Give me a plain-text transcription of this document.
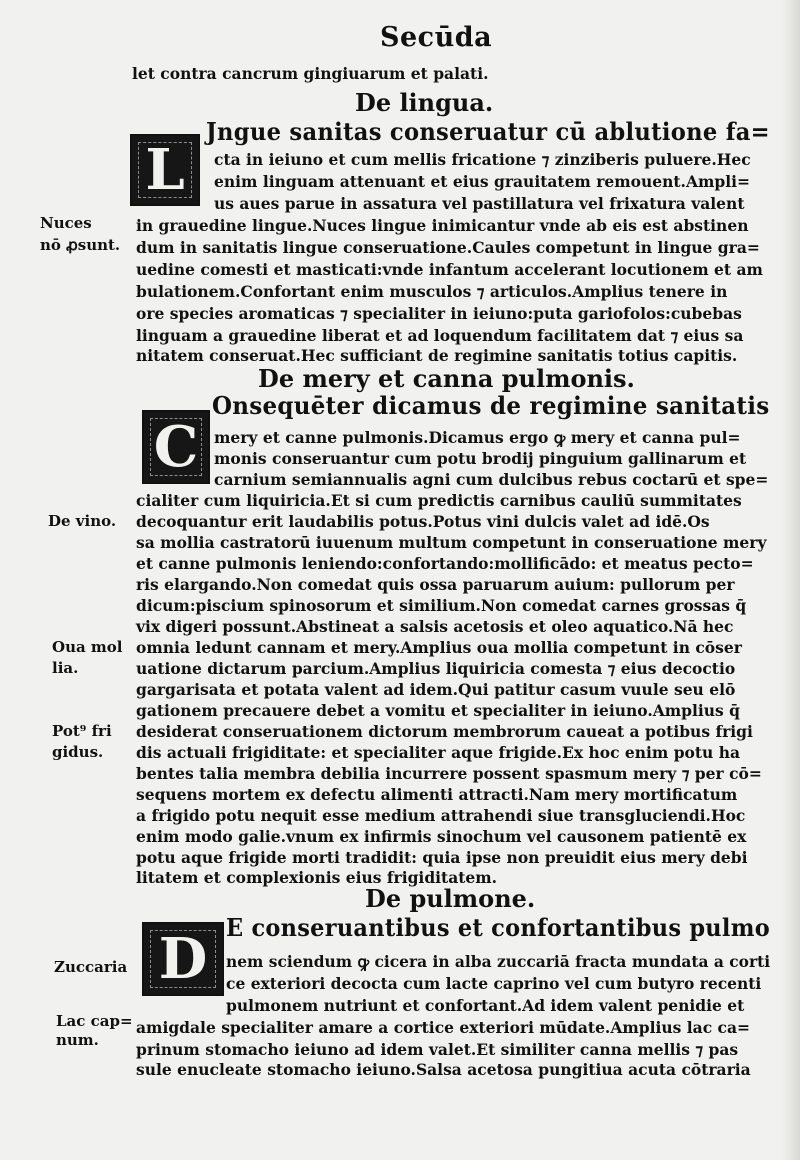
Secūda
let contra cancrum gingiuarum et palati.
De lingua.
L
Jngue sanitas conseruatur cū ablutione fa=
cta in ieiuno et cum mellis fricatione ⁊ zinziberis puluere.Hec
enim linguam attenuant et eius grauitatem remouent.Ampli=
us aues parue in assatura vel pastillatura vel frixatura valent
in grauedine lingue.Nuces lingue inimicantur vnde ab eis est abstinen
dum in sanitatis lingue conseruatione.Caules competunt in lingue gra=
uedine comesti et masticati:vnde infantum accelerant locutionem et am
bulationem.Confortant enim musculos ⁊ articulos.Amplius tenere in
ore species aromaticas ⁊ specialiter in ieiuno:puta gariofolos:cubebas
linguam a grauedine liberat et ad loquendum facilitatem dat ⁊ eius sa
nitatem conseruat.Hec sufficiant de regimine sanitatis totius capitis.
Nuces
nō ꝓsunt.
De mery et canna pulmonis.
C
Onsequēter dicamus de regimine sanitatis
mery et canne pulmonis.Dicamus ergo ꝙ mery et canna pul=
monis conseruantur cum potu brodij pinguium gallinarum et
carnium semiannualis agni cum dulcibus rebus coctarū et spe=
cialiter cum liquiricia.Et si cum predictis carnibus cauliū summitates
decoquantur erit laudabilis potus.Potus vini dulcis valet ad idē.Os
sa mollia castratorū iuuenum multum competunt in conseruatione mery
et canne pulmonis leniendo:confortando:mollificādo: et meatus pecto=
ris elargando.Non comedat quis ossa paruarum auium: pullorum per
dicum:piscium spinosorum et similium.Non comedat carnes grossas q̄
vix digeri possunt.Abstineat a salsis acetosis et oleo aquatico.Nā hec
omnia ledunt cannam et mery.Amplius oua mollia competunt in cōser
uatione dictarum parcium.Amplius liquiricia comesta ⁊ eius decoctio
gargarisata et potata valent ad idem.Qui patitur casum vuule seu elō
gationem precauere debet a vomitu et specialiter in ieiuno.Amplius q̄
desiderat conseruationem dictorum membrorum caueat a potibus frigi
dis actuali frigiditate: et specialiter aque frigide.Ex hoc enim potu ha
bentes talia membra debilia incurrere possent spasmum mery ⁊ per cō=
sequens mortem ex defectu alimenti attracti.Nam mery mortificatum
a frigido potu nequit esse medium attrahendi siue transgluciendi.Hoc
enim modo galie.vnum ex infirmis sinochum vel causonem patientē ex
potu aque frigide morti tradidit: quia ipse non preuidit eius mery debi
litatem et complexionis eius frigiditatem.
De vino.
Oua mol
lia.
Pot⁹ fri
gidus.
De pulmone.
D E conseruantibus et confortantibus pulmo
nem sciendum ꝙ cicera in alba zuccariā fracta mundata a corti
ce exteriori decocta cum lacte caprino vel cum butyro recenti
pulmonem nutriunt et confortant.Ad idem valent penidie et
amigdale specialiter amare a cortice exteriori mūdate.Amplius lac ca=
prinum stomacho ieiuno ad idem valet.Et similiter canna mellis ⁊ pas
sule enucleate stomacho ieiuno.Salsa acetosa pungitiua acuta cōtraria
Zuccaria
Lac cap=
num.
